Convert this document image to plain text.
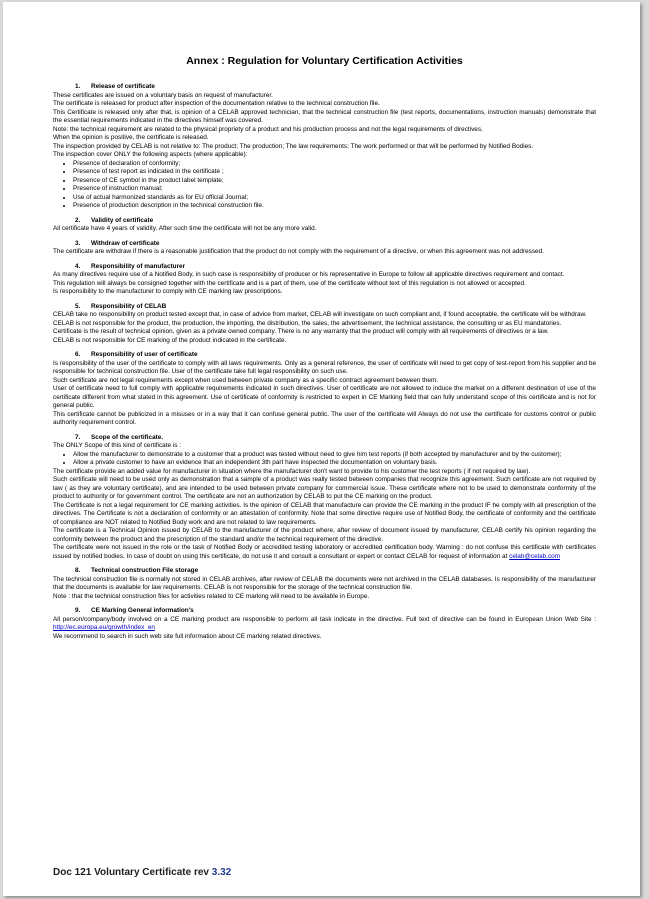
Annex : Regulation for Voluntary Certification Activities
1. Release of certificate

These certificates are issued on a voluntary basis on request of manufacturer.

The certificate is released for product after inspection of the documentation relative to the technical construction file.

This Certificate is released only after that, is opinion of a CELAB approved technician, that the technical construction file (test reports, documentations, instruction manuals) demonstrate that the essential requirements indicated in the directives himself was covered.

Note: the technical requirement are related to the physical propriety of a product and his production process and not the legal requirements of directives.

When the opinion is positive, the certificate is released.

The inspection provided by CELAB is not relative to: The product; The production; The law requirements; The work performed or that will be performed by Notified Bodies.

The inspection cover ONLY the following aspects (where applicable):

• Presence of declaration of conformity;
• Presence of test report as indicated in the certificate ;
• Presence of CE symbol in the product label template;
• Presence of instruction manual;
• Use of actual harmonized standards as for EU official Journal;
• Presence of production description in the technical construction file.
2. Validity of certificate

All certificate have 4 years of validity. After such time the certificate will not be any more valid.

3. Withdraw of certificate

The certificate are withdraw if there is a reasonable justification that the product do not comply with the requirement of a directive, or when this agreement was not addressed.

4. Responsibility of manufacturer

As many directives require use of a Notified Body, in such case is responsibility of producer or his representative in Europe to follow all applicable directives requirement and contact.

This regulation will always be consigned together with the certificate and is a part of them, use of the certificate without text of this regulation is not allowed or accepted.

Is responsibility to the manufacturer to comply with CE marking law prescriptions.

5. Responsibility of CELAB

CELAB take no responsibility on product tested except that, in case of advice from market, CELAB will investigate on such compliant and, if found acceptable, the certificate will be withdraw.

CELAB is not responsible for the product, the production, the importing, the distribution, the sales, the advertisement, the technical assistance, the consulting or as EU mandatories.

Certificate is the result of technical opinion, given as a private owned company. There is no any warranty that the product will comply with all requirements of directives or a law.

CELAB is not responsible for CE marking of the product indicated in the certificate.

6. Responsibility of user of certificate

Is responsibility of the user of the certificate to comply with all laws requirements. Only as a general reference, the user of certificate will need to get copy of test-report from his supplier and be responsible for technical construction file. User of the certificate take full legal responsibility on such use.

Such certificate are not legal requirements except when used between private company as a specific contract agreement between them.

User of certificate need to full comply with applicable requirements indicated in such directives. User of certificate are not allowed to induce the market on a different destination of use of the certificate different from what stated in this agreement. Use of certificate of conformity is restricted to expert in CE Marking field that can fully understand scope of this certificate and is not for general public.

This certificate cannot be publicized in a misuses or in a way that it can confuse general public. The user of the certificate will Always do not use the certificate for customs control or public authority requirement control.

7. Scope of the certificate.

The ONLY Scope of this kind of certificate is :

• Allow the manufacturer to demonstrate to a customer that a product was tested without need to give him test reports (if both accepted by manufacturer and by the customer);
• Allow a private customer to have an evidence that an independent 3th part have inspected the documentation on voluntary basis.

The certificate provide an added value for manufacturer in situation where the manufacturer don't want to provide to his customer the test reports ( if not required by law).

Such certificate will need to be used only as demonstration that a sample of a product was really tested between companies that recognize this agreement. Such certificate are not required by law ( as they are voluntary certificate), and are intended to be used between private company for commercial issue. These certificate where not to be used to demonstrate conformity of the product to authority or for government control. The certificate are not an authorization by CELAB to put the CE marking on the product.

The Certificate is not a legal requirement for CE marking activities. Is the opinion of CELAB that manufacture can provide the CE marking in the product IF he comply with all prescription of the directives. The Certificate is not a declaration of conformity or an attestation of conformity. Note that some directive require use of Notified Body, the certificate of conformity and the certificate of compliance are NOT related to Notified Body work and are not related to law requirements.

The certificate is a Technical Opinion issued by CELAB to the manufacturer of the product where, after review of document issued by manufacturer, CELAB certify his opinion regarding the conformity between the product and the prescription of the standard and/or the technical requirement of the directive.

The certificate were not issued in the role or the task of Notified Body or accredited testing laboratory or accredited certification body. Warning : do not confuse this certificate with certificates issued by notified bodies. In case of doubt on using this certificate, do not use it and consult a consultant or expert or contact CELAB for request of information at celab@celab.com

8. Technical construction File storage

The technical construction file is normally not stored in CELAB archives, after review of CELAB the documents were not archived in the CELAB databases. Is responsibility of the manufacturer that the documents is available for law requirements. CELAB is not responsible for the storage of the technical construction file.

Note : that the technical construction files for activities related to CE marking will need to be available in Europe.

9. CE Marking General information's

All person/company/body involved on a CE marking product are responsible to perform all task indicate in the directive. Full text of directive can be found in European Union Web Site : http://ec.europa.eu/growth/index_en

We recommend to search in such web site full information about CE marking related directives.

Doc 121 Voluntary Certificate rev 3.32
